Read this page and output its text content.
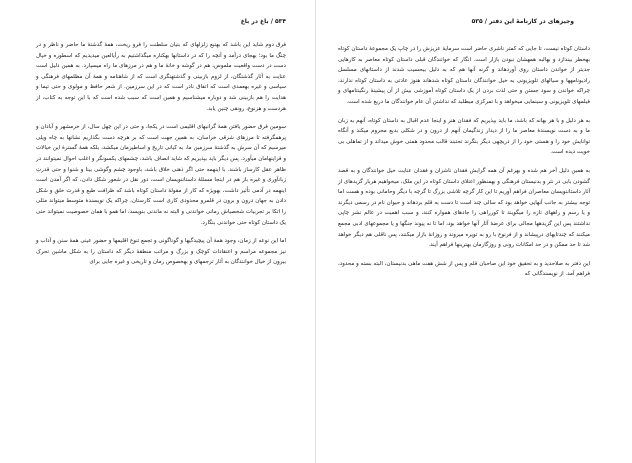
۵۳۴ / باغ در باغ

فرق دوم شاید این باشد که بهتبع زلزلهای که بنیان سلطنت را فرو ریخت، همهٔ گذشتهٔ ما حاضر و ناظر و در چنگ ما بود؛ بهجای درآمد و آنچه را که در داستانها بهکناره میگذاشتیم به رأیالعین میدیدیم که اسطوره و خیال دست در دست واقعیت ملموس، هم در گوشه و خانهٔ ما و هم در مرزهای ما راه میسپارد. به همین دلیل است عنایت به آثار گذشتگان، از لزوم بازبینی و گذشتهنگری است که از شاهنامه و همهٔ آن مظلمهای فرهنگی و سیاسی و غیره بهعمدی است که اتفاق نادر است که در این سرزمین. از شعر حافظ و مولوی و حتی تیما و هدایت را هم بازبینی شد و دوباره میشناسیم و همین است که سبب شده است که با این توجه به کتاب، از هردست و هزنوع، رونقی چنین یابد.

سومین فرق حضور یافتن همهٔ گرانیهای اقلیمی است در یکجا، و حتی در این چهل سال، از خرمشهر و آبادان و پرهمگرفته تا مرزهای شرقی خراسان، به همین جهت است که بر هرچه دست بگذاریم نشانها به چاه ویلی میرسیم که آن سرش به گذشتهٔ سرزمین ما، به کیانی تاریخ و اساطیرمان میکشد، بلکه همهٔ گسترهٔ این خیالات و قراینهامان میآورد. پس دیگر باید بپذیریم که شاید انصاف باشد، چشمهای یکسونگر و اغلب احوال نمیتوانند در ظاهر عقل کارساز باشند. با اینهمه حتی اگر ذهنی خلاق باشد، باوجود چشم وگوشی بینا و شنوا و حتی قدرتِ زبانآوری و غیره باز هم در اینجا مسئلهٔ داستاننویسان است، دور نقل در شعور شکل دادن، که اگر آمدن است اینهمه در آدمی تأثیر داشت، بهویژه که کار از مقولهٔ داستان کوتاه باشد که ظرافت طبع و قدرت خلق و شکل دادن به جهان درون و برون در قلمرو محدودی کاری است کارستان، چراکه یک نویسندهٔ متوسط میتواند مثلی را اتکا بر تجربیات شخصیاش رمانی خواندنی و البته نه ماندنی بنویسد، اما همو با همان خصوصیت نمیتواند حتی یک داستان کوتاه حتی خواندنی بنگارد.

اما این نوعه از زمان، وجود همهٔ آن پیچیدگیها و گوناگونی و تجمع تنوع اقلیمها و حضور عینی همهٔ سنن و آداب و نیز مجموعه مراسم و اعتقادات کوچک و بزرگ و مراتب منطقهٔ دیگر که داستان را به شکل ماشین تحرک بیرون از خیال خوانندگان به آثار ترجمهای و بهخصوص رمان و تاریخی و غیره جایی برای

وجیزهای در کارنامهٔ این دفتر / ۵۳۵

داستان کوتاه نیست، تا جایی که کمتر ناشری حاضر است سرمایهٔ عزیزش را در چاپ یک مجموعهٔ داستان کوتاه بهخطر بیندازد و بهالبه همهشان نبودن بازار است. انگار که خوانندگان قبلی داستان کوتاه معاصر به کارهایی جدیتر از خواندن داستان روی آوردهاند و گرنه آنها هم که به دلیل بیحسیب شدند از داستانهای مسلسل رادیونامهها و سیالهای تلویزیونی به خیل خوانندگان داستان کوتاه شدهاند هنوز عادتی به داستان کوتاه ندارند، چراکه خواندن و سود جستن و حتی لذت بردن از یک داستان کوتاه آموزشی بیش از آن پیشینهٔ رنگینتامهای و فیلمهای تلویزیونی و سینمایی میخواهد و با تمرکزی میطلبد که نداشتن آن عام خوانندگان ما دریغ شده است.

به هر دلیل و با هر بهانه که باشد، ما باید بپذیریم که فقدان هنر و اینجا عدم اقبال به داستان کوتاه، آنهم به زبان ما و به دست نویسندهٔ معاصر ما را از دیدار زندگیمان آنهم از درون و در شکلی بدیع محروم میکند و آنگاه توانایش خود را و هستی خود را از دریچهی دیگر بنگرند تحتبند قالب محدود همتی خوش میداند و از تماهلی بی خویت دیده است.

به همین دلیل آخر هم شده و بهرغم آن همه گرایش فقدان ناشران و فقدان عنایت خیل خوانندگان و به قصد گشودن بابی در نثر و بدنیستان فرهنگی و بهمنظور اعتلای داستان کوتاه در این ملک، میخواهیم هربار گزیدهای از آثار داستاننویسان معاصران فراهم آوریم تا این کار گرچه تلاشی بزرگ تا گرچه با دیگر وحامانی بوده و هست اما توجه بیشتر به جانب آنهایی خواهد بود که سالی چند است تا دست به قلم بردهاند و حیوان نام در رسمی دیگرند و یا رسم و راههای تازه را میگویند تا کورراهی را جادهای همواره کنند، و سبب اهمیت در عالم نشر چاپی نداشتند پس این گزیدهها مجالی برای عرضهٔ آثار آنها خواهد بود، اما تا نه پیوند جنگها و یا مجموعهای ادبی مجمع میکنند که چندتایهای درپیشاند و از فرنوع با رو به توپره میروند و روزانهٔ بازار میکنند، پس ناقلی هم دیگر خواهد شد تا حد ممکن و در حد امکانات رونی و روزگارمان بهترینها فراهم آیند.

این دفتر به صلاحدید و به تحقیق خود این صاحبان قلم و پس از شش هفت ماهی بدنیستان، البته بسته و محدود، فراهم آمد. از نویسندگانی که
